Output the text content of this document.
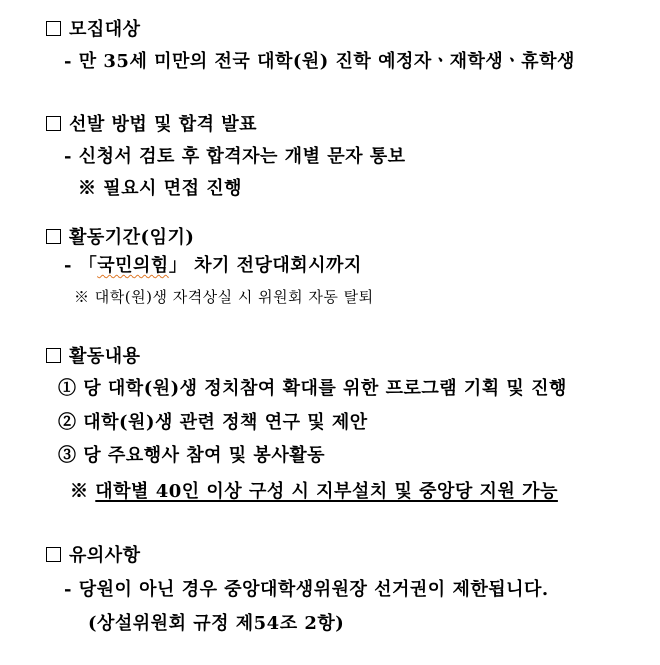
모집대상
- 만 35세 미만의 전국 대학(원) 진학 예정자ㆍ재학생ㆍ휴학생
선발 방법 및 합격 발표
- 신청서 검토 후 합격자는 개별 문자 통보
※ 필요시 면접 진행
활동기간(임기)
- 「국민의힘」 차기 전당대회시까지
※ 대학(원)생 자격상실 시 위원회 자동 탈퇴
활동내용
① 당 대학(원)생 정치참여 확대를 위한 프로그램 기획 및 진행
② 대학(원)생 관련 정책 연구 및 제안
③ 당 주요행사 참여 및 봉사활동
※ 대학별 40인 이상 구성 시 지부설치 및 중앙당 지원 가능
유의사항
- 당원이 아닌 경우 중앙대학생위원장 선거권이 제한됩니다.
(상설위원회 규정 제54조 2항)
